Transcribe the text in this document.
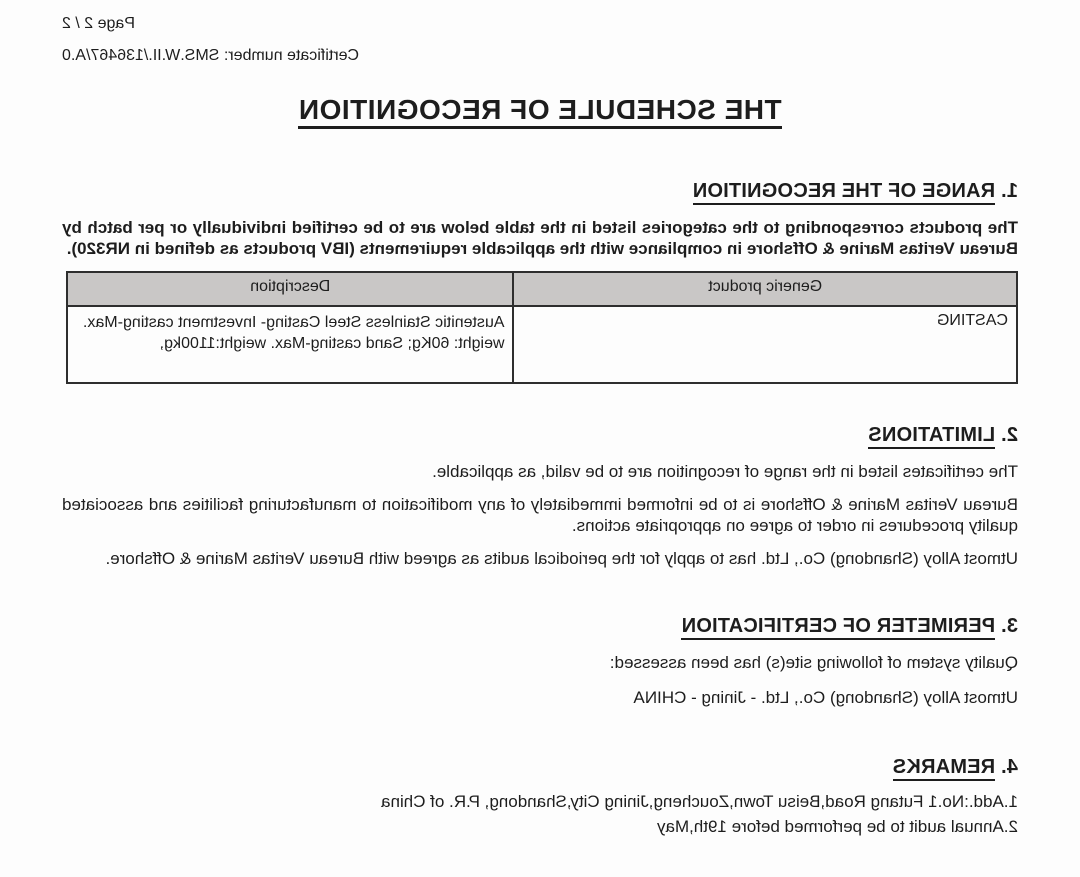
Page 2 / 2
Certificate number: SMS.W.II./136467/A.0
THE SCHEDULE OF RECOGNITION
1. RANGE OF THE RECOGNITION
The products corresponding to the categories listed in the table below are to be certified individually or per batch by Bureau Veritas Marine & Offshore in compliance with the applicable requirements (IBV products as defined in NR320).
Generic product	Description
CASTING	Austenitic Stainless Steel Casting- Investment casting-Max. weight: 60Kg; Sand casting-Max. weight:1100kg,
2. LIMITATIONS
The certificates listed in the range of recognition are to be valid, as applicable.
Bureau Veritas Marine & Offshore is to be informed immediately of any modification to manufacturing facilities and associated quality procedures in order to agree on appropriate actions.
Utmost Alloy (Shandong) Co., Ltd. has to apply for the periodical audits as agreed with Bureau Veritas Marine & Offshore.
3. PERIMETER OF CERTIFICATION
Quality system of following site(s) has been assessed:
Utmost Alloy (Shandong) Co., Ltd. - Jining - CHINA
4. REMARKS
1.Add.:No.1 Futang Road,Beisu Town,Zoucheng,Jining City,Shandong, P.R. of China
2.Annual audit to be performed before 19th,May
